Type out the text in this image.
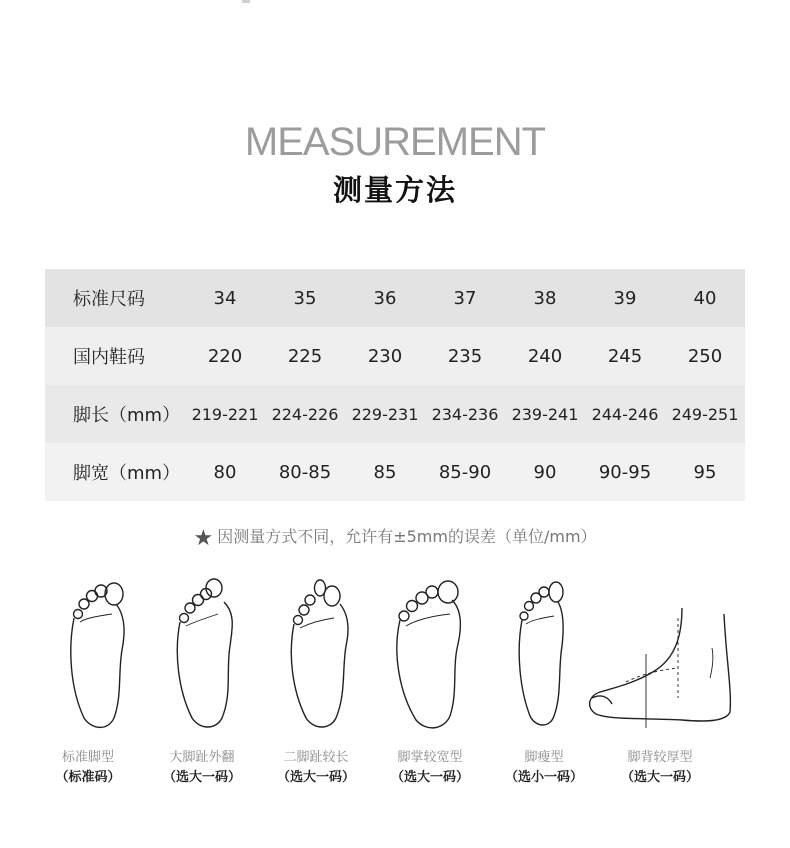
MEASUREMENT
测量方法
标准尺码	34	35	36	37	38	39	40
国内鞋码	220	225	230	235	240	245	250
脚长（mm）	219-221	224-226	229-231	234-236	239-241	244-246	249-251
脚宽（mm）	80	80-85	85	85-90	90	90-95	95
★ 因测量方式不同，允许有±5mm的误差（单位/mm）
标准脚型
（标准码）
大脚趾外翻
（选大一码）
二脚趾较长
（选大一码）
脚掌较宽型
（选大一码）
脚瘦型
（选小一码）
脚背较厚型
（选大一码）
